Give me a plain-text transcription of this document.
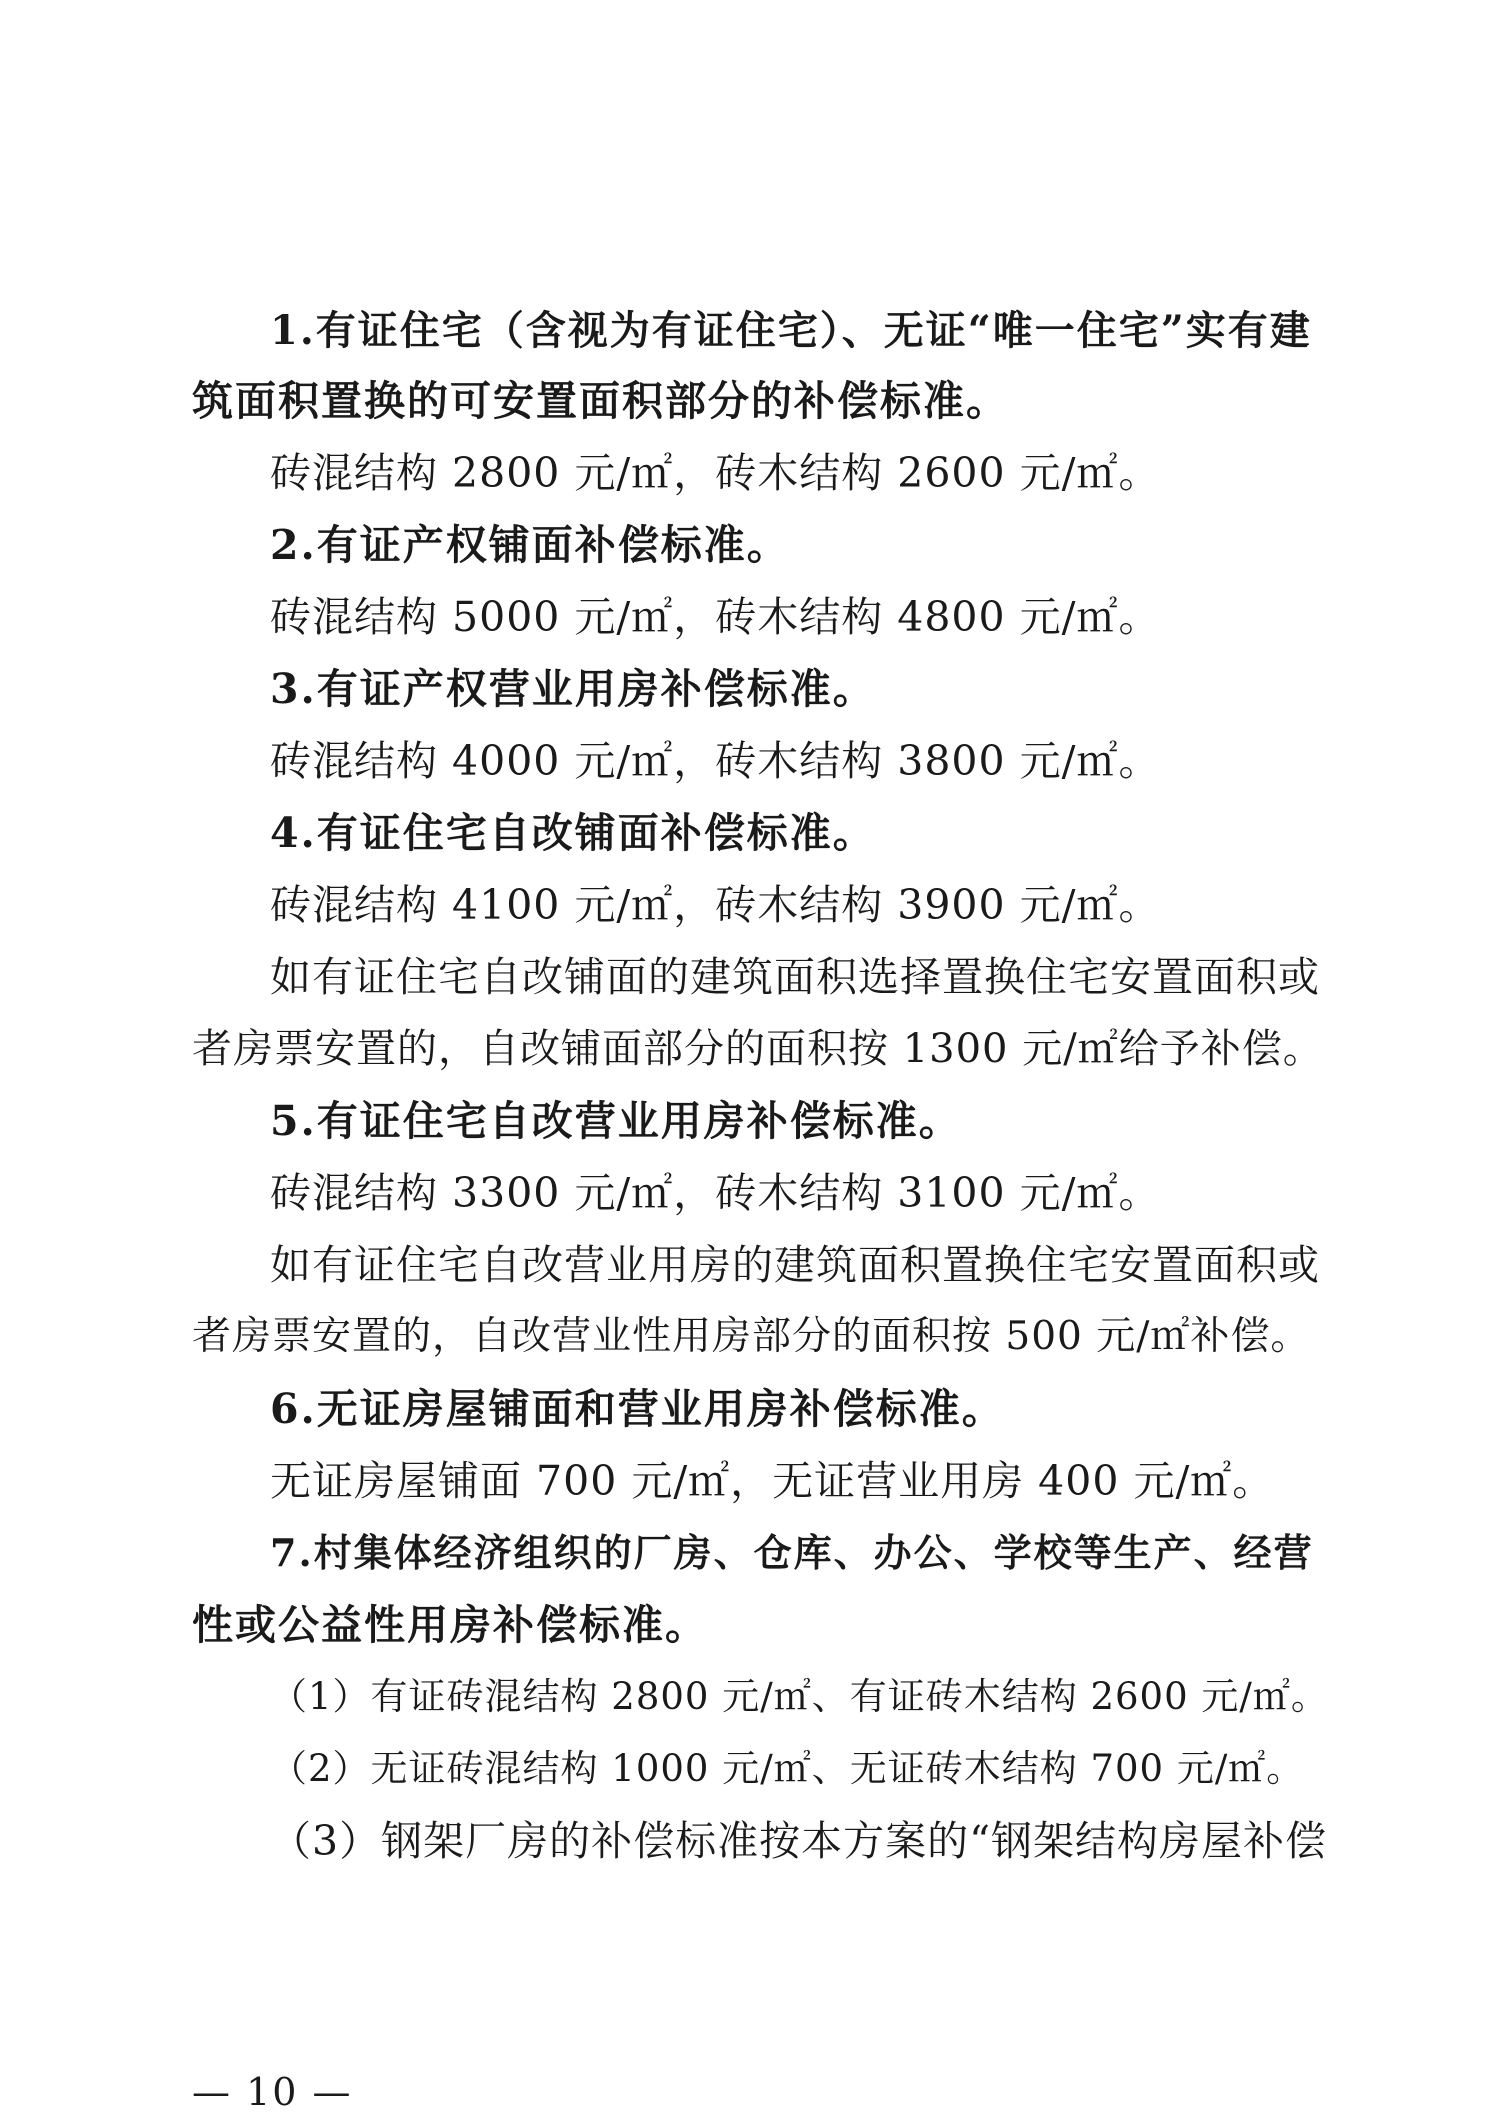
1.有证住宅（含视为有证住宅）、无证“唯一住宅”实有建
筑面积置换的可安置面积部分的补偿标准。
砖混结构 2800 元/㎡，砖木结构 2600 元/㎡。
2.有证产权铺面补偿标准。
砖混结构 5000 元/㎡，砖木结构 4800 元/㎡。
3.有证产权营业用房补偿标准。
砖混结构 4000 元/㎡，砖木结构 3800 元/㎡。
4.有证住宅自改铺面补偿标准。
砖混结构 4100 元/㎡，砖木结构 3900 元/㎡。
如有证住宅自改铺面的建筑面积选择置换住宅安置面积或
者房票安置的，自改铺面部分的面积按 1300 元/㎡给予补偿。
5.有证住宅自改营业用房补偿标准。
砖混结构 3300 元/㎡，砖木结构 3100 元/㎡。
如有证住宅自改营业用房的建筑面积置换住宅安置面积或
者房票安置的，自改营业性用房部分的面积按 500 元/㎡补偿。
6.无证房屋铺面和营业用房补偿标准。
无证房屋铺面 700 元/㎡，无证营业用房 400 元/㎡。
7.村集体经济组织的厂房、仓库、办公、学校等生产、经营
性或公益性用房补偿标准。
（1）有证砖混结构 2800 元/㎡、有证砖木结构 2600 元/㎡。
（2）无证砖混结构 1000 元/㎡、无证砖木结构 700 元/㎡。
（3）钢架厂房的补偿标准按本方案的“钢架结构房屋补偿
— 10 —
